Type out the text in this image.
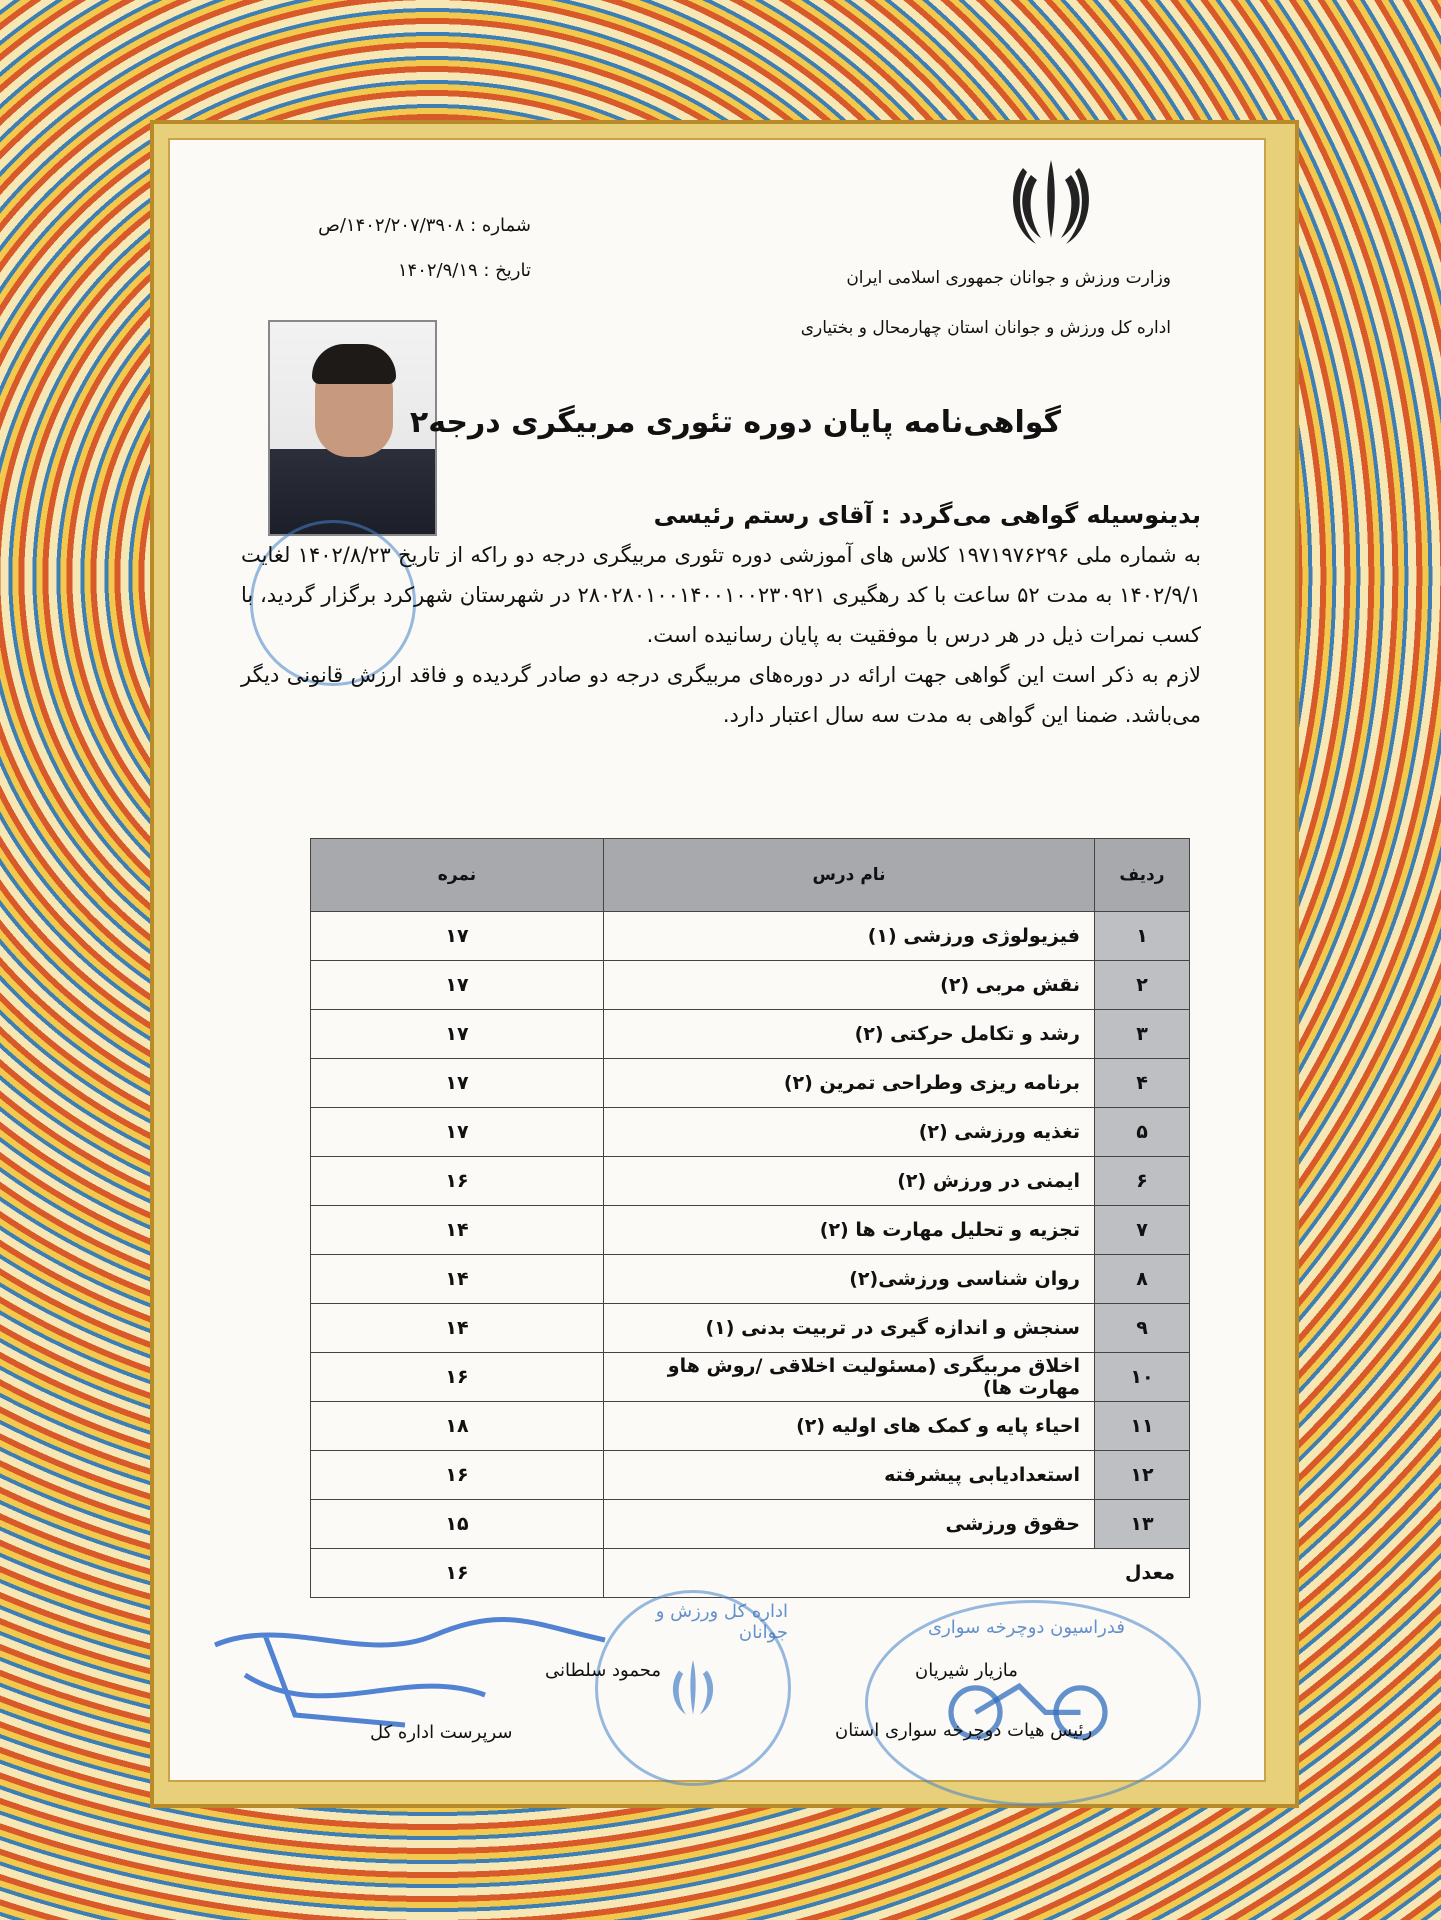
وزارت ورزش و جوانان جمهوری اسلامی ایران
اداره کل ورزش و جوانان استان چهارمحال و بختیاری
شماره : ۱۴۰۲/۲۰۷/۳۹۰۸/ص
تاریخ : ۱۴۰۲/۹/۱۹
گواهی‌نامه پایان دوره تئوری مربیگری درجه۲

بدینوسیله گواهی می‌گردد : آقای رستم رئیسی

به شماره ملی ۱۹۷۱۹۷۶۲۹۶ کلاس های آموزشی دوره تئوری مربیگری درجه دو راکه از تاریخ ۱۴۰۲/۸/۲۳ لغایت ۱۴۰۲/۹/۱ به مدت ۵۲ ساعت با کد رهگیری ۲۸۰۲۸۰۱۰۰۱۴۰۰۱۰۰۲۳۰۹۲۱ در شهرستان شهرکرد برگزار گردید، با کسب نمرات ذیل در هر درس با موفقیت به پایان رسانیده است.

لازم به ذکر است این گواهی جهت ارائه در دوره‌های مربیگری درجه دو صادر گردیده و فاقد ارزش قانونی دیگر می‌باشد. ضمنا این گواهی به مدت سه سال اعتبار دارد.

ردیف	نام درس	نمره
۱	فیزیولوژی ورزشی (۱)	۱۷
۲	نقش مربی (۲)	۱۷
۳	رشد و تکامل حرکتی (۲)	۱۷
۴	برنامه ریزی وطراحی تمرین (۲)	۱۷
۵	تغذیه ورزشی (۲)	۱۷
۶	ایمنی در ورزش (۲)	۱۶
۷	تجزیه و تحلیل مهارت ها (۲)	۱۴
۸	روان شناسی ورزشی(۲)	۱۴
۹	سنجش و اندازه گیری در تربیت بدنی (۱)	۱۴
۱۰	اخلاق مربیگری (مسئولیت اخلاقی /روش هاو مهارت ها)	۱۶
۱۱	احیاء پایه و کمک های اولیه (۲)	۱۸
۱۲	استعدادیابی پیشرفته	۱۶
۱۳	حقوق ورزشی	۱۵
معدل		۱۶
اداره کل ورزش و جوانان	فدراسیون دوچرخه سواری
محمود سلطانی
سرپرست اداره کل
مازیار شیریان
رئیس هیات دوچرخه سواری استان
